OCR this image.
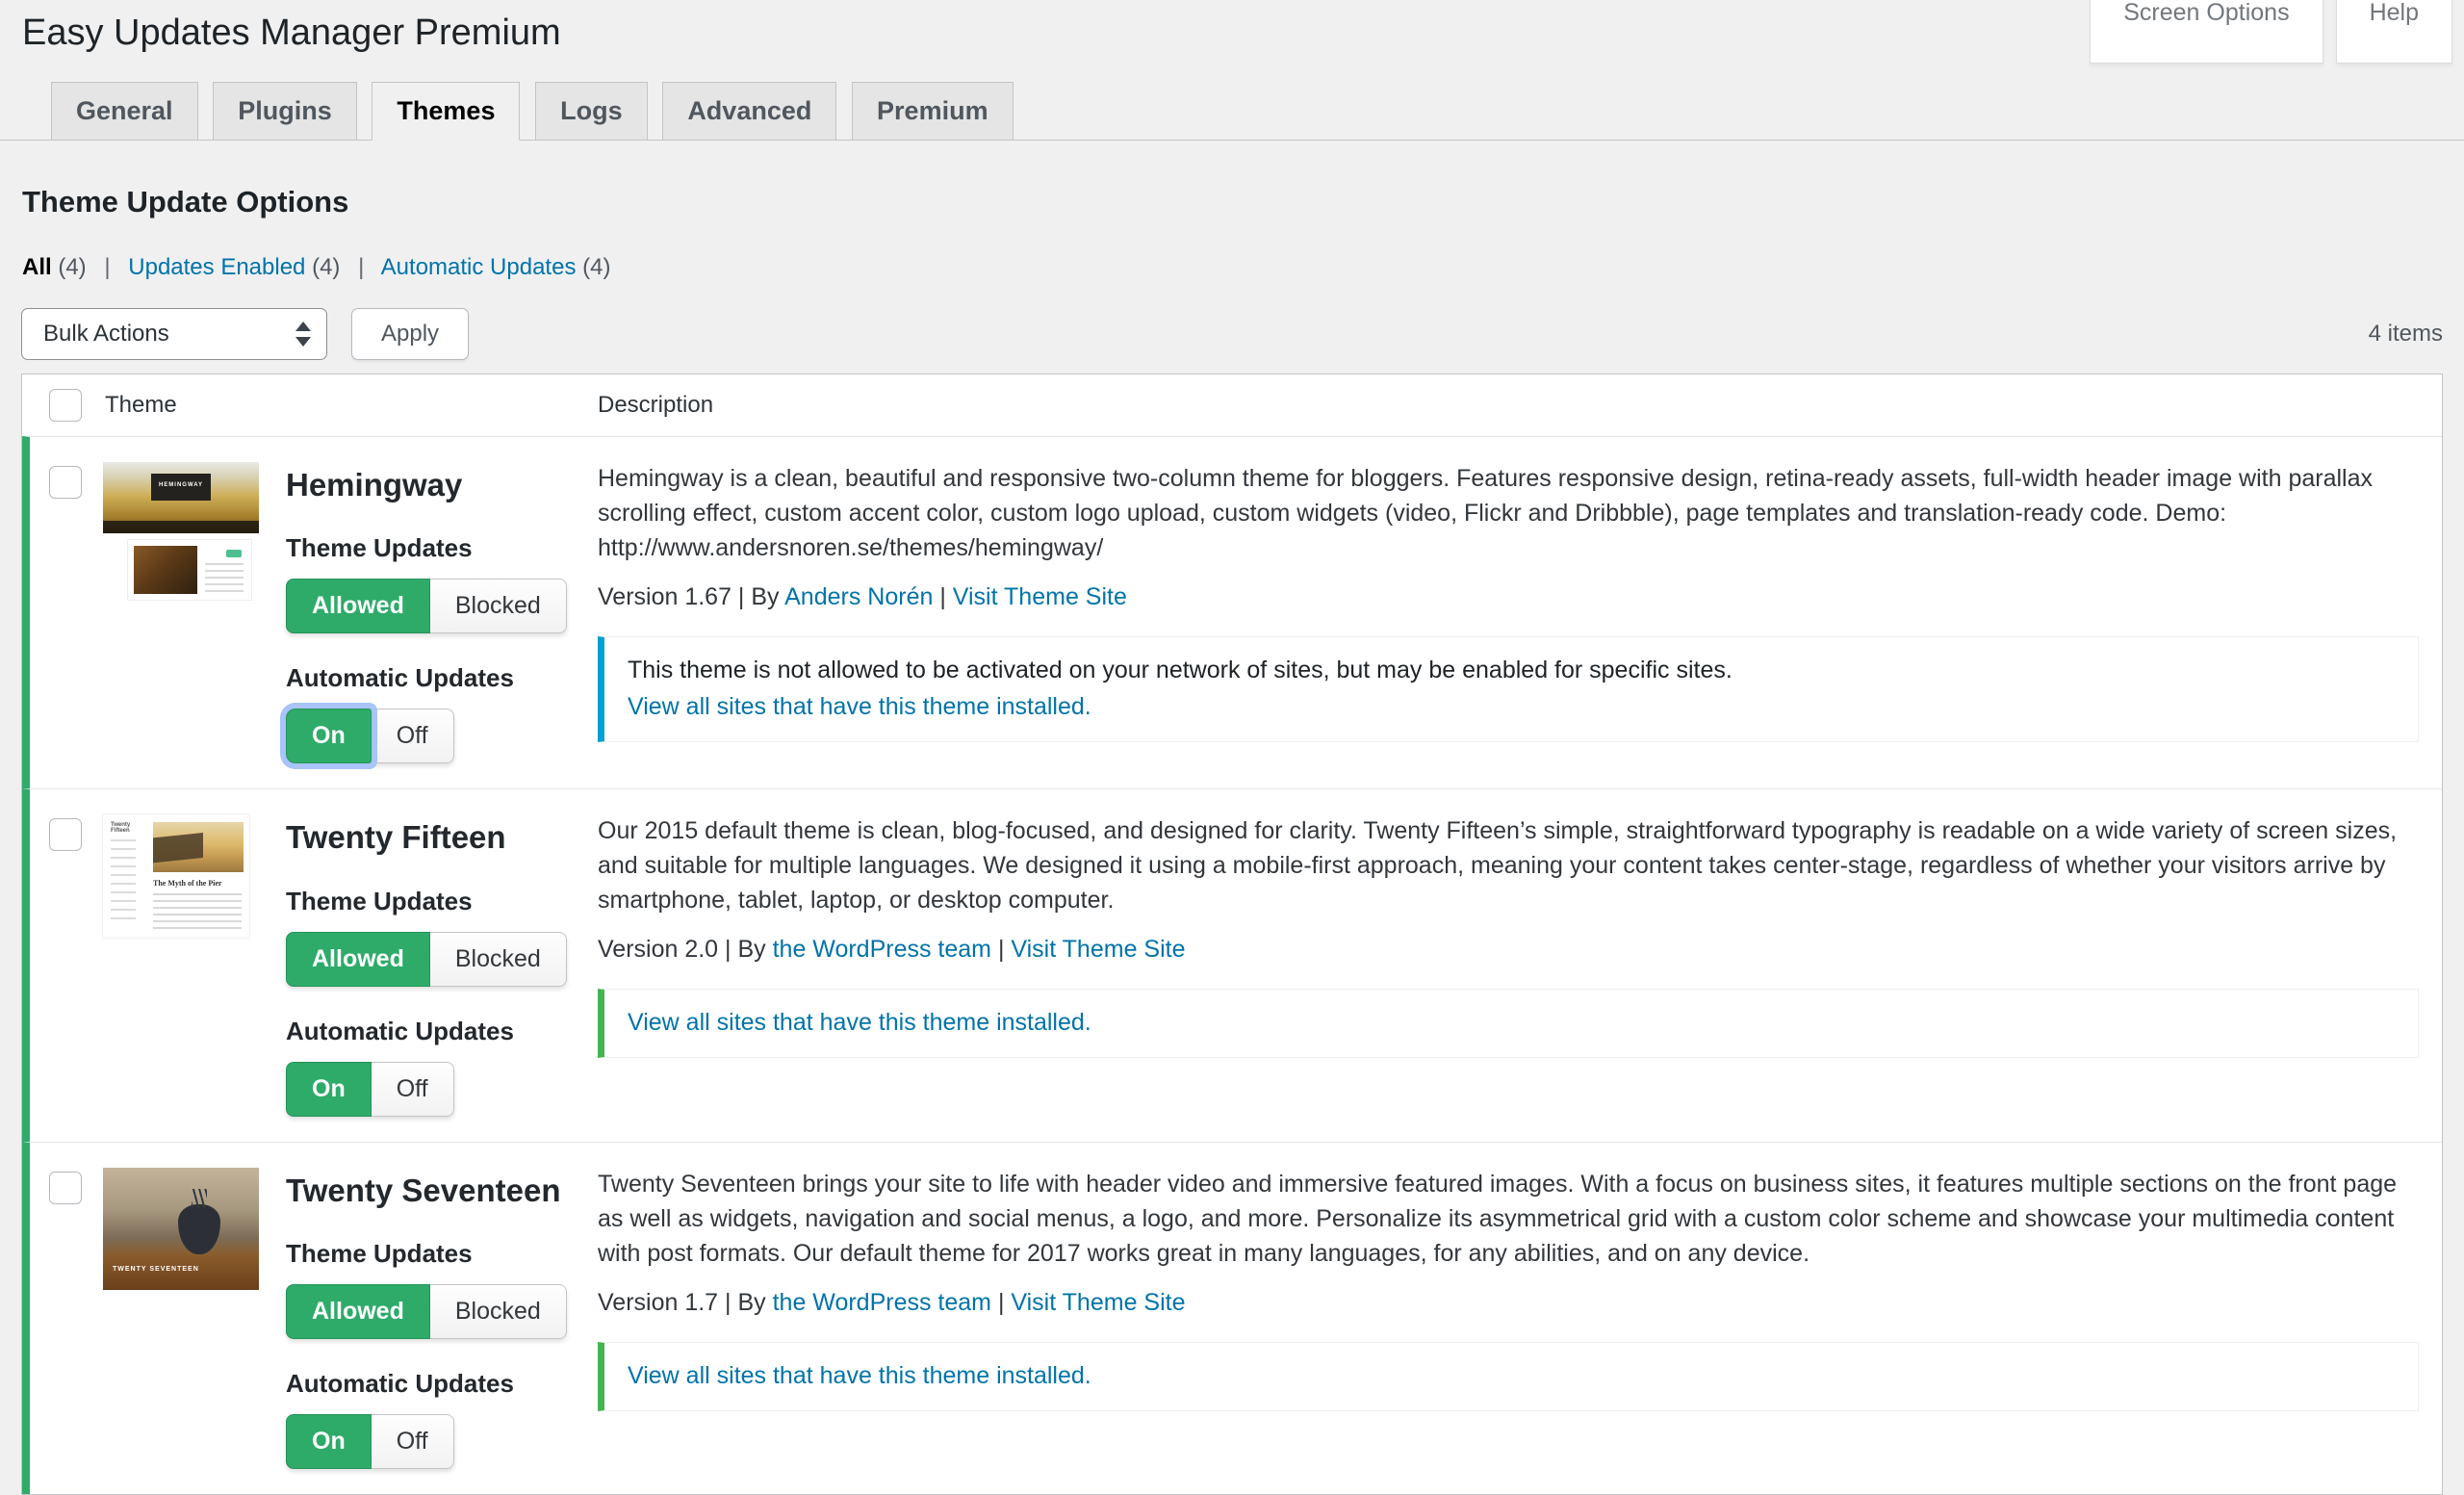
Screen Options	Help
Easy Updates Manager Premium
General	Plugins	Themes	Logs	Advanced	Premium
Theme Update Options
All (4) | Updates Enabled (4) | Automatic Updates (4)
Bulk Actions	Apply	4 items
Theme	Description
HEMINGWAY	Hemingway
Theme Updates
Allowed	Blocked
Automatic Updates
On	Off

Hemingway is a clean, beautiful and responsive two-column theme for bloggers. Features responsive design, retina-ready assets, full-width header image with parallax scrolling effect, custom accent color, custom logo upload, custom widgets (video, Flickr and Dribbble), page templates and translation-ready code. Demo: http://www.andersnoren.se/themes/hemingway/

Version 1.67 | By Anders Norén | Visit Theme Site

This theme is not allowed to be activated on your network of sites, but may be enabled for specific sites.

View all sites that have this theme installed.
Twenty Fifteen
The Myth of the Pier
Twenty Fifteen
Theme Updates
Allowed	Blocked
Automatic Updates
On	Off

Our 2015 default theme is clean, blog-focused, and designed for clarity. Twenty Fifteen’s simple, straightforward typography is readable on a wide variety of screen sizes, and suitable for multiple languages. We designed it using a mobile-first approach, meaning your content takes center-stage, regardless of whether your visitors arrive by smartphone, tablet, laptop, or desktop computer.

Version 2.0 | By the WordPress team | Visit Theme Site

View all sites that have this theme installed.
TWENTY SEVENTEEN
Twenty Seventeen
Theme Updates
Allowed	Blocked
Automatic Updates
On	Off

Twenty Seventeen brings your site to life with header video and immersive featured images. With a focus on business sites, it features multiple sections on the front page as well as widgets, navigation and social menus, a logo, and more. Personalize its asymmetrical grid with a custom color scheme and showcase your multimedia content with post formats. Our default theme for 2017 works great in many languages, for any abilities, and on any device.

Version 1.7 | By the WordPress team | Visit Theme Site

View all sites that have this theme installed.
